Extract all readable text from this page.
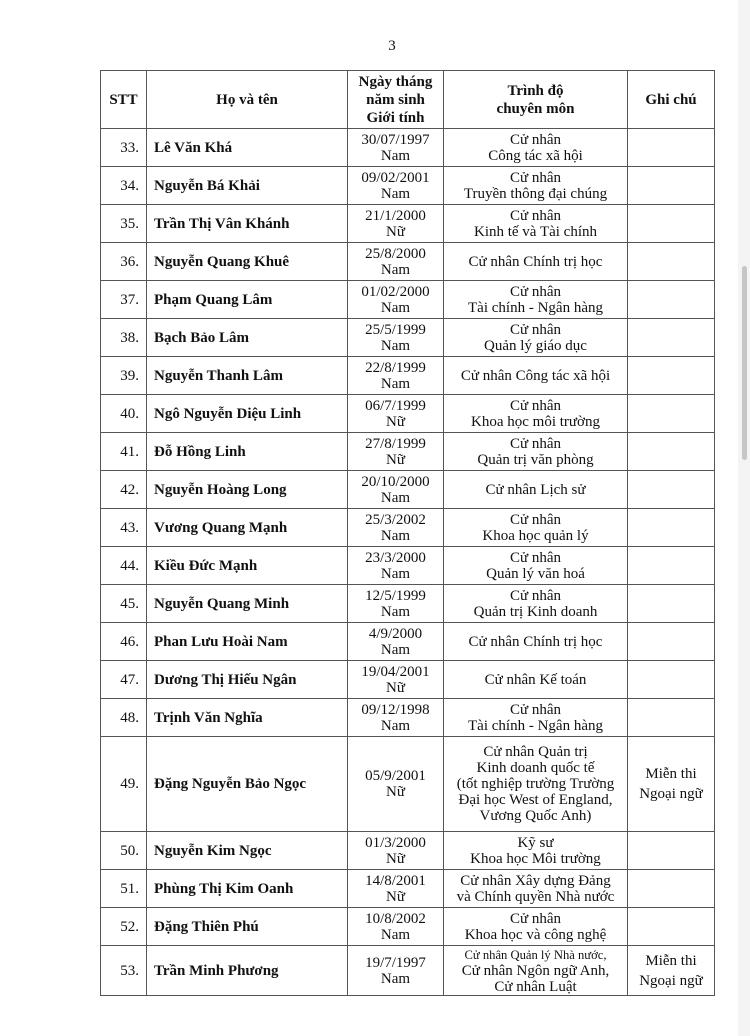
3
STT	Họ và tên	Ngày tháng
năm sinh
Giới tính	Trình độ
chuyên môn	Ghi chú
33.	Lê Văn Khá	30/07/1997
Nam	Cử nhân
Công tác xã hội	

34.	Nguyễn Bá Khải	09/02/2001
Nam	Cử nhân
Truyền thông đại chúng	

35.	Trần Thị Vân Khánh	21/1/2000
Nữ	Cử nhân
Kinh tế và Tài chính	

36.	Nguyễn Quang Khuê	25/8/2000
Nam	Cử nhân Chính trị học	

37.	Phạm Quang Lâm	01/02/2000
Nam	Cử nhân
Tài chính - Ngân hàng	

38.	Bạch Bảo Lâm	25/5/1999
Nam	Cử nhân
Quản lý giáo dục	

39.	Nguyễn Thanh Lâm	22/8/1999
Nam	Cử nhân Công tác xã hội	

40.	Ngô Nguyễn Diệu Linh	06/7/1999
Nữ	Cử nhân
Khoa học môi trường	

41.	Đỗ Hồng Linh	27/8/1999
Nữ	Cử nhân
Quản trị văn phòng	

42.	Nguyễn Hoàng Long	20/10/2000
Nam	Cử nhân Lịch sử	

43.	Vương Quang Mạnh	25/3/2002
Nam	Cử nhân
Khoa học quản lý	

44.	Kiều Đức Mạnh	23/3/2000
Nam	Cử nhân
Quản lý văn hoá	

45.	Nguyễn Quang Minh	12/5/1999
Nam	Cử nhân
Quản trị Kinh doanh	

46.	Phan Lưu Hoài Nam	4/9/2000
Nam	Cử nhân Chính trị học	

47.	Dương Thị Hiếu Ngân	19/04/2001
Nữ	Cử nhân Kế toán	

48.	Trịnh Văn Nghĩa	09/12/1998
Nam	Cử nhân
Tài chính - Ngân hàng	

49.	Đặng Nguyễn Bảo Ngọc	05/9/2001
Nữ	Cử nhân Quản trị
Kinh doanh quốc tế
(tốt nghiệp trường Trường
Đại học West of England,
Vương Quốc Anh)	Miễn thi
Ngoại ngữ

50.	Nguyễn Kim Ngọc	01/3/2000
Nữ	Kỹ sư
Khoa học Môi trường	

51.	Phùng Thị Kim Oanh	14/8/2001
Nữ	Cử nhân Xây dựng Đảng
và Chính quyền Nhà nước	

52.	Đặng Thiên Phú	10/8/2002
Nam	Cử nhân
Khoa học và công nghệ	

53.	Trần Minh Phương	19/7/1997
Nam	Cử nhân Quản lý Nhà nước,
Cử nhân Ngôn ngữ Anh,
Cử nhân Luật	Miễn thi
Ngoại ngữ
